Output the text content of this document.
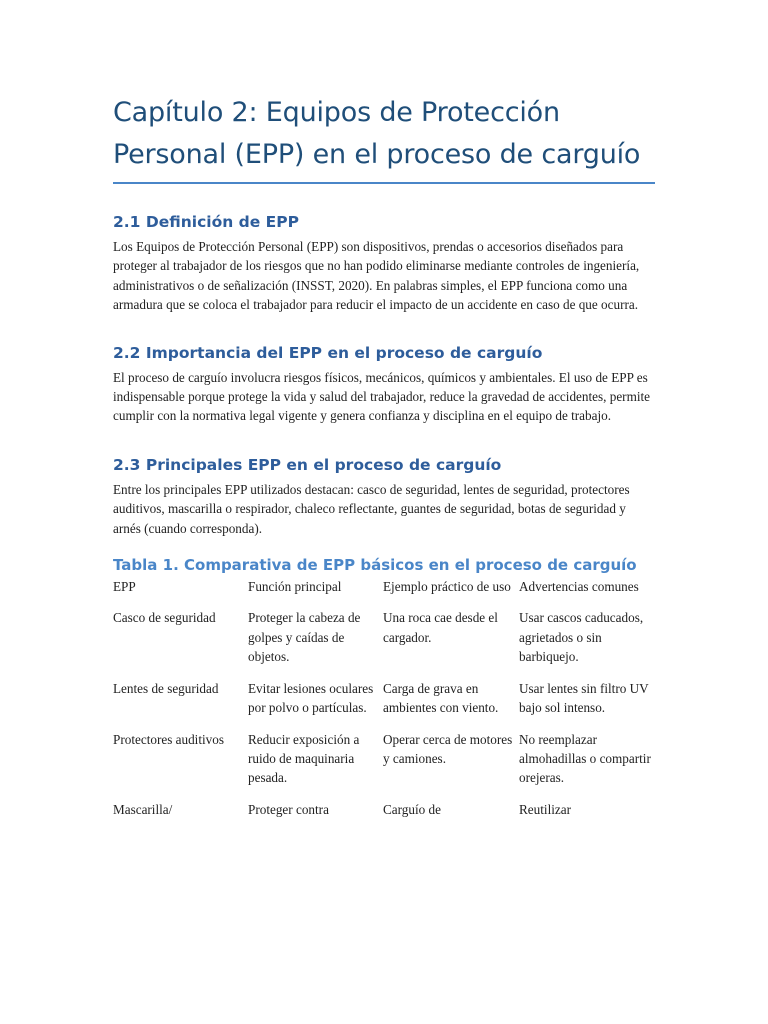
Capítulo 2: Equipos de Protección Personal (EPP) en el proceso de carguío
2.1 Definición de EPP

Los Equipos de Protección Personal (EPP) son dispositivos, prendas o accesorios diseñados para proteger al trabajador de los riesgos que no han podido eliminarse mediante controles de ingeniería, administrativos o de señalización (INSST, 2020). En palabras simples, el EPP funciona como una armadura que se coloca el trabajador para reducir el impacto de un accidente en caso de que ocurra.

2.2 Importancia del EPP en el proceso de carguío

El proceso de carguío involucra riesgos físicos, mecánicos, químicos y ambientales. El uso de EPP es indispensable porque protege la vida y salud del trabajador, reduce la gravedad de accidentes, permite cumplir con la normativa legal vigente y genera confianza y disciplina en el equipo de trabajo.

2.3 Principales EPP en el proceso de carguío

Entre los principales EPP utilizados destacan: casco de seguridad, lentes de seguridad, protectores auditivos, mascarilla o respirador, chaleco reflectante, guantes de seguridad, botas de seguridad y arnés (cuando corresponda).

Tabla 1. Comparativa de EPP básicos en el proceso de carguío
EPP	Función principal	Ejemplo práctico de uso	Advertencias comunes
Casco de seguridad	Proteger la cabeza de golpes y caídas de objetos.	Una roca cae desde el cargador.	Usar cascos caducados, agrietados o sin barbiquejo.
Lentes de seguridad	Evitar lesiones oculares por polvo o partículas.	Carga de grava en ambientes con viento.	Usar lentes sin filtro UV bajo sol intenso.
Protectores auditivos	Reducir exposición a ruido de maquinaria pesada.	Operar cerca de motores y camiones.	No reemplazar almohadillas o compartir orejeras.
Mascarilla/	Proteger contra	Carguío de	Reutilizar
